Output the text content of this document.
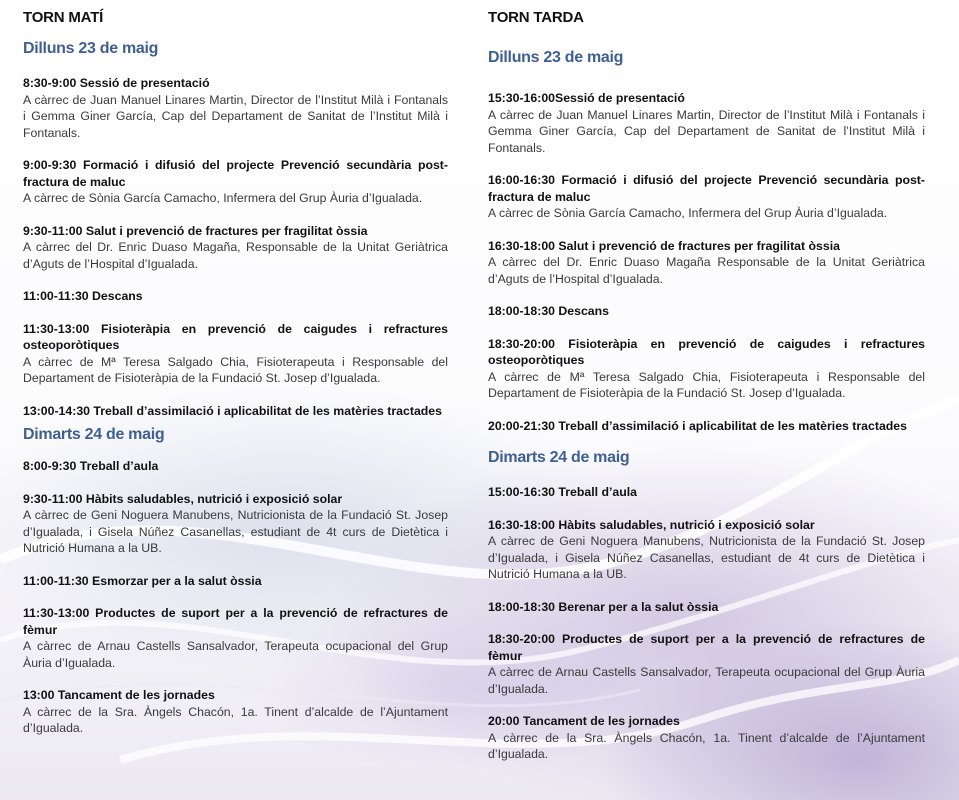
TORN MATÍ
Dilluns 23 de maig
8:30-9:00 Sessió de presentació
A càrrec de Juan Manuel Linares Martin, Director de l’Institut Milà i Fontanals i Gemma Giner García, Cap del Departament de Sanitat de l’Institut Milà i Fontanals.
9:00-9:30 Formació i difusió del projecte Prevenció secundària post-fractura de maluc
A càrrec de Sònia García Camacho, Infermera del Grup Àuria d’Igualada.
9:30-11:00 Salut i prevenció de fractures per fragilitat òssia
A càrrec del Dr. Enric Duaso Magaña, Responsable de la Unitat Geriàtrica d’Aguts de l’Hospital d’Igualada.
11:00-11:30 Descans
11:30-13:00 Fisioteràpia en prevenció de caigudes i refractures osteoporòtiques
A càrrec de Mª Teresa Salgado Chia, Fisioterapeuta i Responsable del Departament de Fisioteràpia de la Fundació St. Josep d’Igualada.
13:00-14:30 Treball d’assimilació i aplicabilitat de les matèries tractades
Dimarts 24 de maig
8:00-9:30 Treball d’aula
9:30-11:00 Hàbits saludables, nutrició i exposició solar
A càrrec de Geni Noguera Manubens, Nutricionista de la Fundació St. Josep d’Igualada, i Gisela Núñez Casanellas, estudiant de 4t curs de Dietètica i Nutrició Humana a la UB.
11:00-11:30 Esmorzar per a la salut òssia
11:30-13:00 Productes de suport per a la prevenció de refractures de fèmur
A càrrec de Arnau Castells Sansalvador, Terapeuta ocupacional del Grup Àuria d’Igualada.
13:00 Tancament de les jornades
A càrrec de la Sra. Àngels Chacón, 1a. Tinent d’alcalde de l’Ajuntament d’Igualada.
TORN TARDA
Dilluns 23 de maig
15:30-16:00Sessió de presentació
A càrrec de Juan Manuel Linares Martin, Director de l’Institut Milà i Fontanals i Gemma Giner García, Cap del Departament de Sanitat de l’Institut Milà i Fontanals.
16:00-16:30 Formació i difusió del projecte Prevenció secundària post-fractura de maluc
A càrrec de Sònia García Camacho, Infermera del Grup Àuria d’Igualada.
16:30-18:00 Salut i prevenció de fractures per fragilitat òssia
A càrrec del Dr. Enric Duaso Magaña Responsable de la Unitat Geriàtrica d’Aguts de l’Hospital d’Igualada.
18:00-18:30 Descans
18:30-20:00 Fisioteràpia en prevenció de caigudes i refractures osteoporòtiques
A càrrec de Mª Teresa Salgado Chia, Fisioterapeuta i Responsable del Departament de Fisioteràpia de la Fundació St. Josep d’Igualada.
20:00-21:30 Treball d’assimilació i aplicabilitat de les matèries tractades
Dimarts 24 de maig
15:00-16:30 Treball d’aula
16:30-18:00 Hàbits saludables, nutrició i exposició solar
A càrrec de Geni Noguera Manubens, Nutricionista de la Fundació St. Josep d’Igualada, i Gisela Núñez Casanellas, estudiant de 4t curs de Dietètica i Nutrició Humana a la UB.
18:00-18:30 Berenar per a la salut òssia
18:30-20:00 Productes de suport per a la prevenció de refractures de fèmur
A càrrec de Arnau Castells Sansalvador, Terapeuta ocupacional del Grup Àuria d’Igualada.
20:00 Tancament de les jornades
A càrrec de la Sra. Àngels Chacón, 1a. Tinent d’alcalde de l’Ajuntament d’Igualada.
